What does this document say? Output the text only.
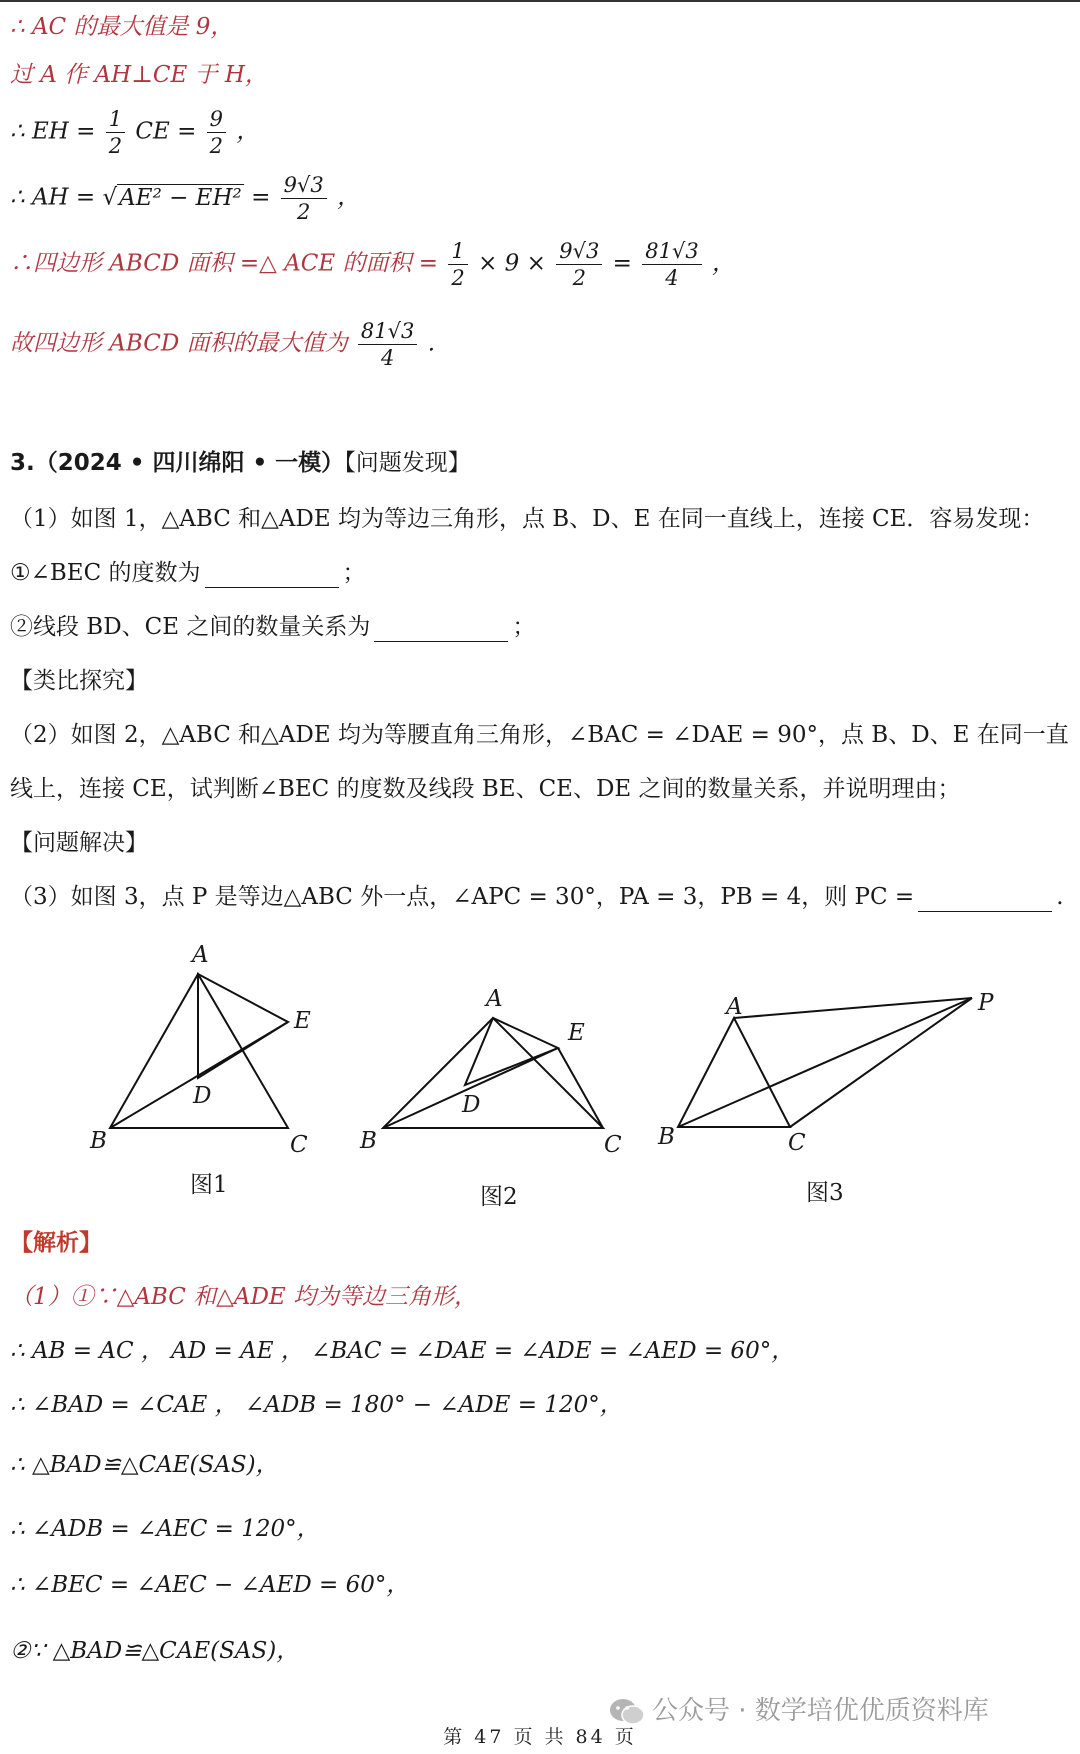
∴ AC 的最大值是 9，
过 A 作 AH⊥CE 于 H，
∴ EH = $\frac{1}{2}$ CE = $\frac{9}{2}$ ，
∴ AH = $√AE^2 - EH^2 = \frac{9√3}{2}$ ，
∴四边形 ABCD 面积 =△ ACE 的面积 = $\frac{1}{2} \times 9 \times \frac{9√3}{2} = \frac{81√3}{4}$ ，
故四边形 ABCD 面积的最大值为 $\frac{81√3}{4}$ .
3.（2024 • 四川绵阳 • 一模）【问题发现】
（1）如图 1，△ABC 和△ADE 均为等边三角形，点 B、D、E 在同一直线上，连接 CE．容易发现：
①∠BEC 的度数为	；
②线段 BD、CE 之间的数量关系为	；
【类比探究】
（2）如图 2，△ABC 和△ADE 均为等腰直角三角形，∠BAC = ∠DAE = 90°，点 B、D、E 在同一直
线上，连接 CE，试判断∠BEC 的度数及线段 BE、CE、DE 之间的数量关系，并说明理由；
【问题解决】
（3）如图 3，点 P 是等边△ABC 外一点，∠APC = 30°，PA = 3，PB = 4，则 PC =	.
A
B	C
D
E
图1
A
B	C
D
E
图2
A
B	C
P
图3
【解析】
（1）①∵△ABC 和△ADE 均为等边三角形，
∴ AB = AC ， AD = AE ， ∠BAC = ∠DAE = ∠ADE = ∠AED = 60°，
∴ ∠BAD = ∠CAE ， ∠ADB = 180° − ∠ADE = 120°，
∴ △BAD≌△CAE(SAS)，
∴ ∠ADB = ∠AEC = 120°，
∴ ∠BEC = ∠AEC − ∠AED = 60°，
②∵ △BAD≌△CAE(SAS)，
公众号 · 数学培优优质资料库
第 47 页 共 84 页
